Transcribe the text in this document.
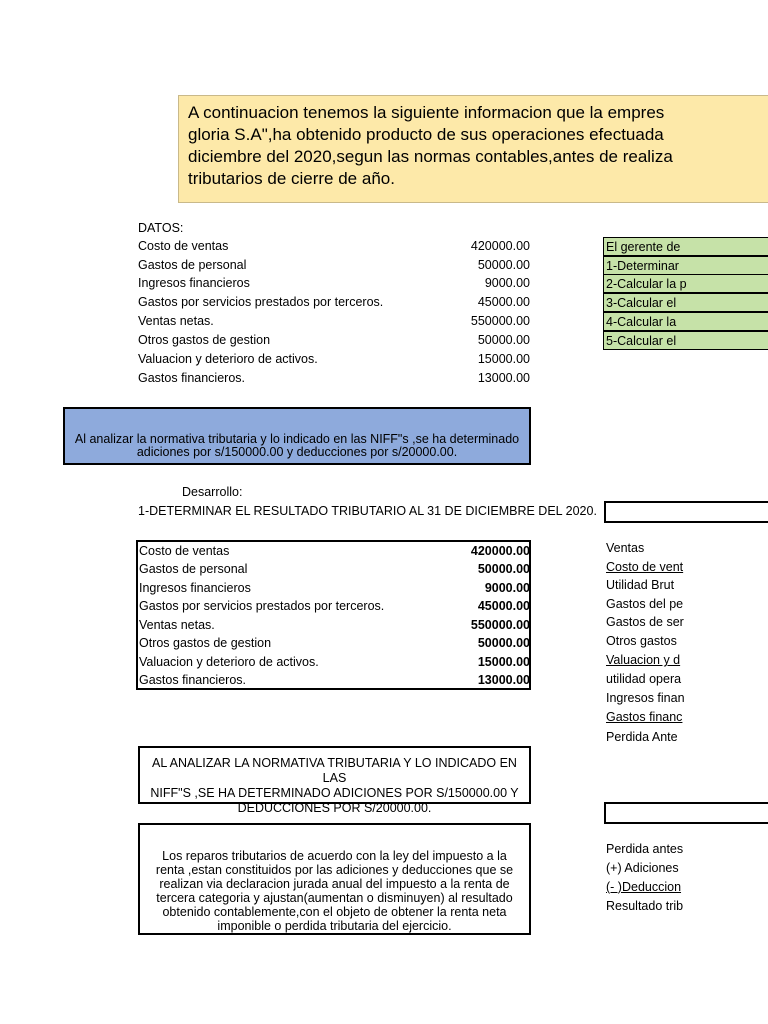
A continuacion tenemos la siguiente informacion que la empres
gloria S.A",ha obtenido producto de sus operaciones efectuada
diciembre del 2020,segun las normas contables,antes de realiza
tributarios de cierre de año.
DATOS:
Costo de ventas	420000.00
Gastos de personal	50000.00
Ingresos financieros	9000.00
Gastos por servicios prestados por terceros.	45000.00
Ventas netas.	550000.00
Otros gastos de gestion	50000.00
Valuacion y deterioro de activos.	15000.00
Gastos financieros.	13000.00
El gerente de
1-Determinar
2-Calcular la p
3-Calcular el
4-Calcular la
5-Calcular el
Al analizar la normativa tributaria y lo indicado en las NIFF"s ,se ha determinado
adiciones por s/150000.00 y deducciones por s/20000.00.
Desarrollo:
1-DETERMINAR EL RESULTADO TRIBUTARIO AL 31 DE DICIEMBRE DEL 2020.
Costo de ventas	420000.00
Gastos de personal	50000.00
Ingresos financieros	9000.00
Gastos por servicios prestados por terceros.	45000.00
Ventas netas.	550000.00
Otros gastos de gestion	50000.00
Valuacion y deterioro de activos.	15000.00
Gastos financieros.	13000.00
AL ANALIZAR LA NORMATIVA TRIBUTARIA Y LO INDICADO EN LAS
NIFF"S ,SE HA DETERMINADO ADICIONES POR S/150000.00 Y
DEDUCCIONES POR S/20000.00.
Los reparos tributarios de acuerdo con la ley del impuesto a la
renta ,estan constituidos por las adiciones y deducciones que se
realizan via declaracion jurada anual del impuesto a la renta de
tercera categoria y ajustan(aumentan o disminuyen) al resultado
obtenido contablemente,con el objeto de obtener la renta neta
imponible o perdida tributaria del ejercicio.
Ventas
Costo de vent
Utilidad Brut
Gastos del pe
Gastos de ser
Otros gastos
Valuacion y d
utilidad opera
Ingresos finan
Gastos financ
Perdida Ante
Perdida antes
(+) Adiciones
(- )Deduccion
Resultado trib
